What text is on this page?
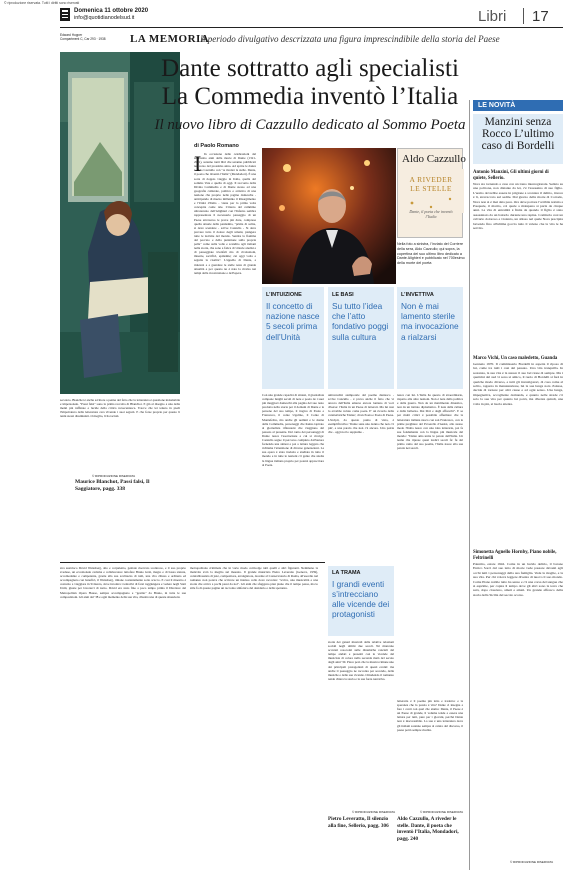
© riproduzione riservata. Tutti i diritti sono riservati
Domenica 11 ottobre 2020
info@quotidianodelsud.it	Libri 17
Edward Hopper
Compartment C, Car 293 · 1938 LA MEMORIA
Il periodo divulgativo descrizzata una figura imprescindibile della storia del Paese
Dante sottratto agli specialisti
La Commedia inventò l’Italia
Il nuovo libro di Cazzullo dedicato al Sommo Poeta
di Paolo Romano
secoloto. Bianchet è anche scrittore a penna del fatto che la letteratura è questione indomabile e impersonale. "Passi falsi" sono la prima raccolta di Blanchot. E già al disegno a una delle menti più raffinate e lucide della critica novecentesca. Tracce che lei tenuto in piedi l'impalcatura della letteratura cara vivendo i suoi segreti. E che forse proprio per questo li tenni stessi dissimulati. O meglio, li ha taciuti.
© RIPRODUZIONE RISERVATA
Maurice Blanchot, Passi falsi, Il Saggiatore, pagg. 338
I In occasione delle celebrazioni del settecento anni della morte di Dante (1321-2021), saranno tanti libri che saranno pubblicati nel corso del prossimo anno. Ad aprire le danze è Aldo Cazzullo con "A riveder le stelle. Dante, il poeta che inventò l'Italia" (Mondadori). È una sorta di doppio viaggio in Italia, quella del sommo Vate e quella di oggi. Il racconto della Divina Commedia e di Dante stesso ad una geografia culturale, politica e artistica di una nazione che proprio nelle pagine dantesche - anticipando di mezzo millennio il Risorgimento e l'Unità d'Italia - viene per la prima volta concepita come tale. L'intero del cammino ultraterreno dell'Alighieri con l'Inferno sembra rappresentare il necessario passaggio di un Paese attraverso le prove più dure, comprese quella attuale della pandemia, "prima di salire, si deve scendere - scrive Cazzullo - Si deve provare tutto il dolore degli umani, piangere tutte le lacrime del mondo. Sentire la fiamma del peccato e della punizione sulla propria pelle" come sulla volle e scandito agli italiani nella storia, che sono a fatica di vittorie analisi e di passeggiate trionfali ma di rivoluzioni, miserie, sacrifici, epidemie; cui oggi volta e seguita la risalita". L'appello di Dante, a rialzarsi e a guardare le stelle resta di grande attualità e per questo ne è nata la rivalsa nei tempi della ricostruzione e dell'opera.
Aldo Cazzullo
A RIVEDER
LE STELLE
Dante, il poeta che inventò l’Italia
Nella foto a sinistra, l’inviato del Corriere della sera, Aldo Cazzullo; qui sopra, la copertina del suo ultimo libro dedicato a Dante Alighieri e pubblicato nel 700esimo della morte del poeta
L’INTUIZIONE
Il concetto di nazione nasce 5 secoli prima dell’Unità
LE BASI
Su tutto l’idea che l’atto fondativo poggi sulla cultura
L’INVETTIVA
Non è mai lamento sterile ma invocazione a rialzarsi
Con una grande capacità di sintesi, il giornalista compone lunghi secoli di note e poeta de i suoi più maggiori danteschi alla pagina del suo testo prodotta nella storia per il domani di Dante e le persone del suo tempo, il tragico di Paolo e Francesca, il conte Ugolino, il Conte di Montefeltro, ma anche gli uomini e le donne della Commedia, personaggi che hanno ispirato al giornalista riflessioni che viaggiano dal passato al presente. Dal canto dei personaggi di Dante nasce l'esortazione a cui si rivolge: Cazzullo segue il percorso compiuto dall'autore fornendo una sintesi e poi a lettura leggera che richiama l'attenzione di diverse generazioni. La sua opera è stata tradotta e studiata in tutto il mondo e in tutte le nazioni c'è gente che studia la lingua italiana proprio per potersi approcciare al Poeta.
universalità atemporale del poema dantesco - scrive Cazzullo - è prova anche il fatto che vi ancora dell'Italia emersa ancora lontano di voci diverse: l'Italia in un Paese di letterati. Ma lui non lo avrebbe voluto come poeta. E' un ricordo delle caratteristiche 'Dante', di un Poeta e Poeta di Paese. L'incipit, da questo punto di vista, è esemplificativo: 'Dante sana una donna che non c'è più', e una parola che non c'è ancora. Una patria che - oggi noi lo sappiamo -
nasce con lui. L'Italia ha questo di straordinario, rispetto alle altre nazioni. Non è nata dalla politica e dalla guerra. Non da un matrimonio dinastico, non da un trattato diplomatico. È nata dalla cultura e dalla bellezza. Dai libri e dagli affreschi". E se per molti critici è possibile affermare che la letteratura italiana nasca con san Francesco, con le prime preghiere del Poverello d'Assisi, allo stesso modo l'Italia nasce con una idea letteraria, poi fa sue fondamenta con la lingua più musicale del mondo: "Dante ama unire le parole dell'Italia. Un nome che riprese quasi tredici secoli fa: fu dal primo canto del suo poema, l'Italia nasce alla sua parola nei secoli.
stra austriaco David Weissberg, alto e corpulento, geniale riservato scontroso, e il suo proprio svedese, un eccezionale carisma e collaboratore tuttofare Bruno Gözi, magro e di bassa statura, accomodante e competente, grazie alla sua scaltrezza di tutti, una vita chiusa e ordinata ed accompagnato con benefici, il Weissberg, rimane costantemente sotto scacco. E così il maestro è costretto a viaggiare in Svizzera, dove incontra i tentativi di farsi raggiungere e vedere negli Stati Uniti, giuste per lavorarci di torno. David era stato fino a poco tempo prima il Direttore del Metropolitan Opera House, sempre accompagnato e "gestito" da Bruno, in tutte le sue composizioni. Gli anni dal '38 e ogni momento della sua vita, diventò una di queste situazioni.
metropolitana criminale che in vario modo coinvolge tutti quelli e altri figuranti. Nemmeno la malavita avrà la meglio sul maestro. Il grande musicista Pietro Leveratto (Genova, 1959), contrabbassista di jazz, compositore, arrangiatore, docente al Conservatorio di Roma, all'esordio nel romanzo non poteva che scrivere un intenso collo dove racconta: "scrive, una musicalità e una storia che arriva a pochi passi da noi". Gli anni che sfuggono pian piano che il tempo passa, ma lo stile fa di queste pagine un racconto sinfonico del desiderio e della speranza.
LA TRAMA
I grandi eventi s’intrecciano alle vicende dei protagonisti
storia dei generi musicali delle relative relazioni sociali negli ultimi due secoli. Nè mancano accurati resoconti sulle dinamiche razziali del tempo andati e presenti con le vicende del musicista di colore nella seconda metà del secolo degli anni '30. Piace però che la musica rimane uno dei principali protagonisti di questi eventi: ma anche il paesaggio ne racconta per secondo, delle musiche e delle sue vicende. Chiudendo il romanzo rende chiara la storia e la sua forza narrativa.
© RIPRODUZIONE RISERVATA
Pietro Leveratto, Il silenzio alla fine, Sellerio, pagg. 306
letteraria è il poema più letto e tradotto: e la speranza che la parola è vita? Dante ci insegna a fare i conti con quel che siamo: Dante, il Paese è un Paese di grande, il volume tende a essere una lettura per tutti, pure per i giovani, perché Dante non è inaccessibile. La sua è una letteratura dove gli italiani saranno sempre al centro del discorso, il paese potrà sempre risalire.
© RIPRODUZIONE RISERVATA
Aldo Cazzullo, A riveder le stelle. Dante, il poeta che inventò l’Italia, Mondadori, pagg. 240
LE NOVITÀ
Manzini senza Rocco L’ultimo caso di Bordelli
Antonio Manzini, Gli ultimi giorni di quiete, Sellerio.
Nora sta tornando a casa con un treno interregionale. Seduto su una poltrona, non distante da lei, c'è l'assassino di suo figlio. L'uomo dovrebbe essere in prigione a scontare il delitto, invece è lì, stravaccato sul sedile. Dal giorno della morte di Corrado, Nora non si è mai data pace. Ora deve portare l'orribile notizia a Pasquale, il marito, col quale a malapena si parla da cinque anni. La vita di entrambi è finita da quando il figlio è stato assassinato da un balordo durante una rapina. Comincia così un calvario doloroso e violento, un abisso nel quale Nora precipita bevendo fino all'ultima goccia tutto il veleno che la vita le ha servito.
Marco Vichi, Un caso maledetto, Guanda
Gennaio 1970. Il commissario Bordelli in aspetta il riposo di lui, come tra tutti i casi del passato. Una vita tranquilla. In sostanza, la sua vita è la stessa: il suo bel rione di sempre. Ma i quattrini del sud vi sono si amico, il ruolo di Bordelli si farà in qualche modo diverso, e tutti gli investigatori, di casa come al solito, ragazza in manutenzione, lui la sua lunga nota d'attesa, decide di tornare per altri cause e ad ogni senso. Una lunga, impegnativa, accogliente domanda, e quanto nelle strade c'è solo la sua vita per quanto lui potrà, ma diventa quindi, una volta in più, si lascia attenta.
Simonetta Agnello Hornby, Piano nobile, Feltrinelli
Palermo, estate 1942. Come in un lucido delirio, il barone Enrico Sorci dal suo letto di morte vede passare davanti agli occhi tutti i personaggi della sua famiglia. Vede la moglie, e la sua vita. Per chi voleva leggere diventa di nuovo il suo mondo. Come Piano nobile tutto ha senso e c'è una corsa del sangue che si esprime, per capire il tempo dove gli altri sono la terra che sarà, dopo ciascuno, amati e amati. Un grande affresco della storia della Sicilia del secolo scorso.
© RIPRODUZIONE RISERVATA
